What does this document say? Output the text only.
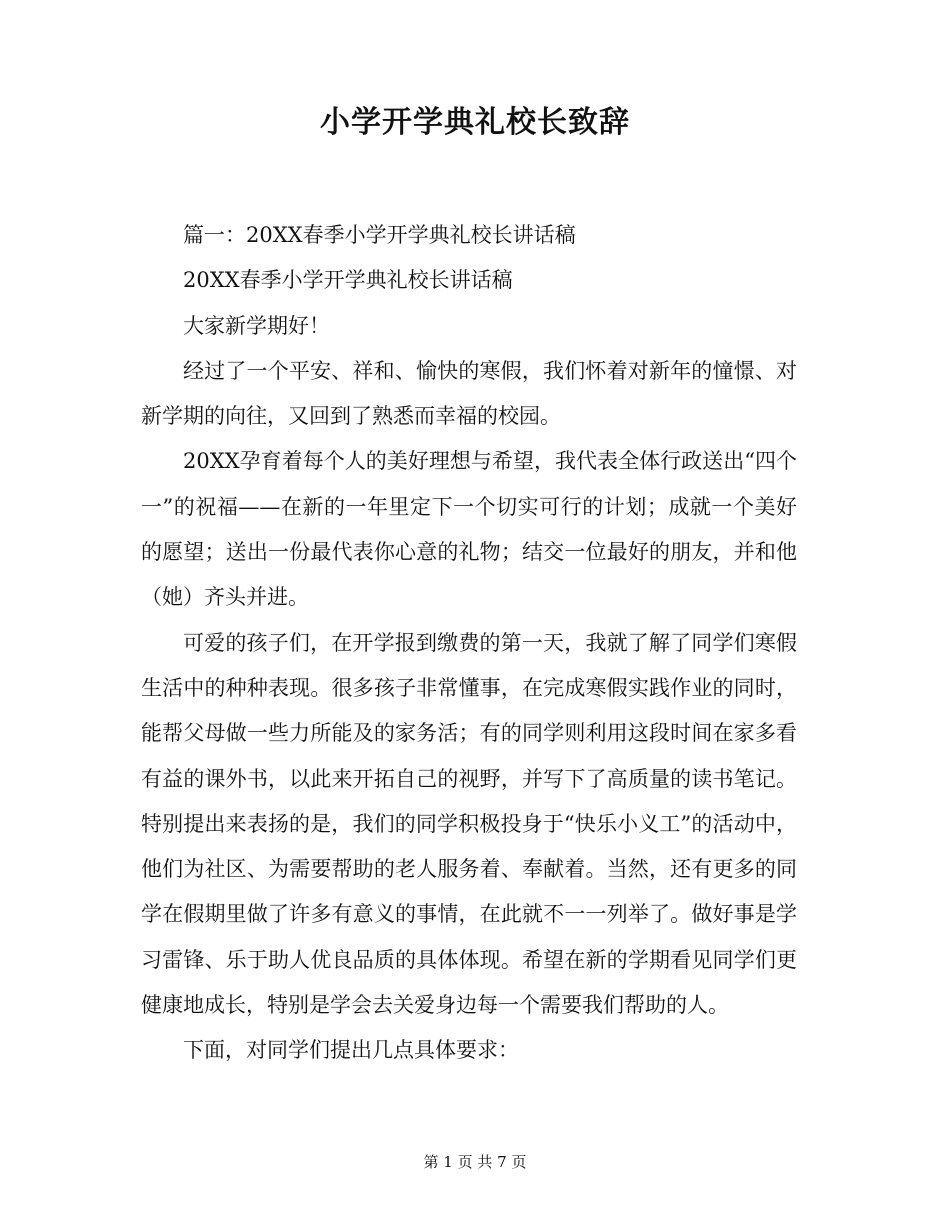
小学开学典礼校长致辞

篇一：20XX春季小学开学典礼校长讲话稿

20XX春季小学开学典礼校长讲话稿

大家新学期好！

经过了一个平安、祥和、愉快的寒假，我们怀着对新年的憧憬、对新学期的向往，又回到了熟悉而幸福的校园。

20XX孕育着每个人的美好理想与希望，我代表全体行政送出“四个一”的祝福——在新的一年里定下一个切实可行的计划；成就一个美好的愿望；送出一份最代表你心意的礼物；结交一位最好的朋友，并和他（她）齐头并进。

可爱的孩子们，在开学报到缴费的第一天，我就了解了同学们寒假生活中的种种表现。很多孩子非常懂事，在完成寒假实践作业的同时，能帮父母做一些力所能及的家务活；有的同学则利用这段时间在家多看有益的课外书，以此来开拓自己的视野，并写下了高质量的读书笔记。特别提出来表扬的是，我们的同学积极投身于“快乐小义工”的活动中，他们为社区、为需要帮助的老人服务着、奉献着。当然，还有更多的同学在假期里做了许多有意义的事情，在此就不一一列举了。做好事是学习雷锋、乐于助人优良品质的具体体现。希望在新的学期看见同学们更健康地成长，特别是学会去关爱身边每一个需要我们帮助的人。

下面，对同学们提出几点具体要求：

第 1 页 共 7 页
